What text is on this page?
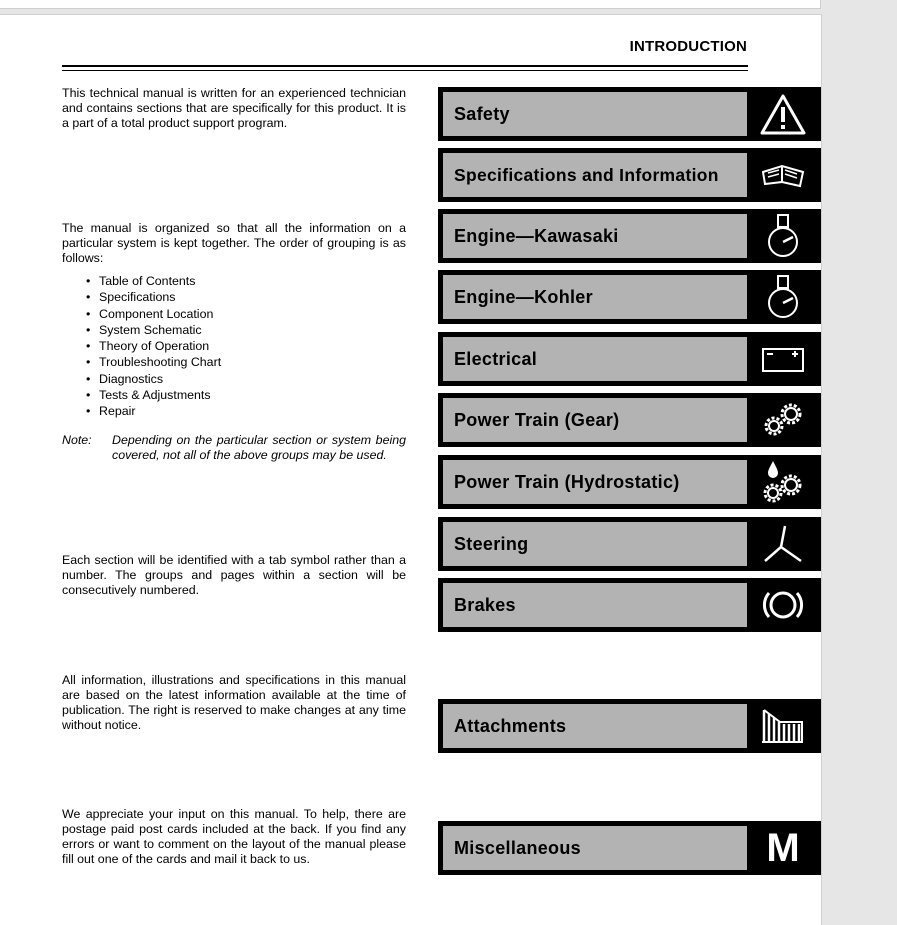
INTRODUCTION

This technical manual is written for an experienced technician and contains sections that are specifically for this product. It is a part of a total product support program.

The manual is organized so that all the information on a particular system is kept together. The order of grouping is as follows:

• Table of Contents
• Specifications
• Component Location
• System Schematic
• Theory of Operation
• Troubleshooting Chart
• Diagnostics
• Tests & Adjustments
• Repair
Note: Depending on the particular section or system being covered, not all of the above groups may be used.

Each section will be identified with a tab symbol rather than a number. The groups and pages within a section will be consecutively numbered.

All information, illustrations and specifications in this manual are based on the latest information available at the time of publication. The right is reserved to make changes at any time without notice.

We appreciate your input on this manual. To help, there are postage paid post cards included at the back. If you find any errors or want to comment on the layout of the manual please fill out one of the cards and mail it back to us.

Safety
Specifications and Information
Engine—Kawasaki
Engine—Kohler
Electrical
Power Train (Gear)
Power Train (Hydrostatic)
Steering
Brakes
Attachments
Miscellaneous	M
